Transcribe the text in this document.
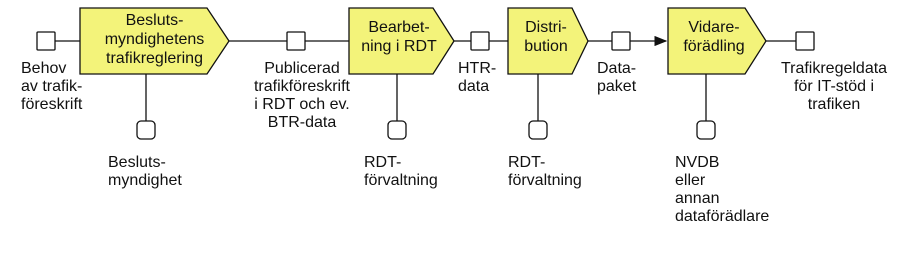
Besluts-
myndighetens
trafikreglering
Bearbet-
ning i RDT
Distri-
bution
Vidare-
förädling
Behov
av trafik-
föreskrift
Publicerad
trafikföreskrift
i RDT och ev.
BTR-data
HTR-
data
Data-
paket
Trafikregeldata
för IT-stöd i
trafiken
Besluts-
myndighet
RDT-
förvaltning
RDT-
förvaltning
NVDB
eller
annan
dataförädlare
